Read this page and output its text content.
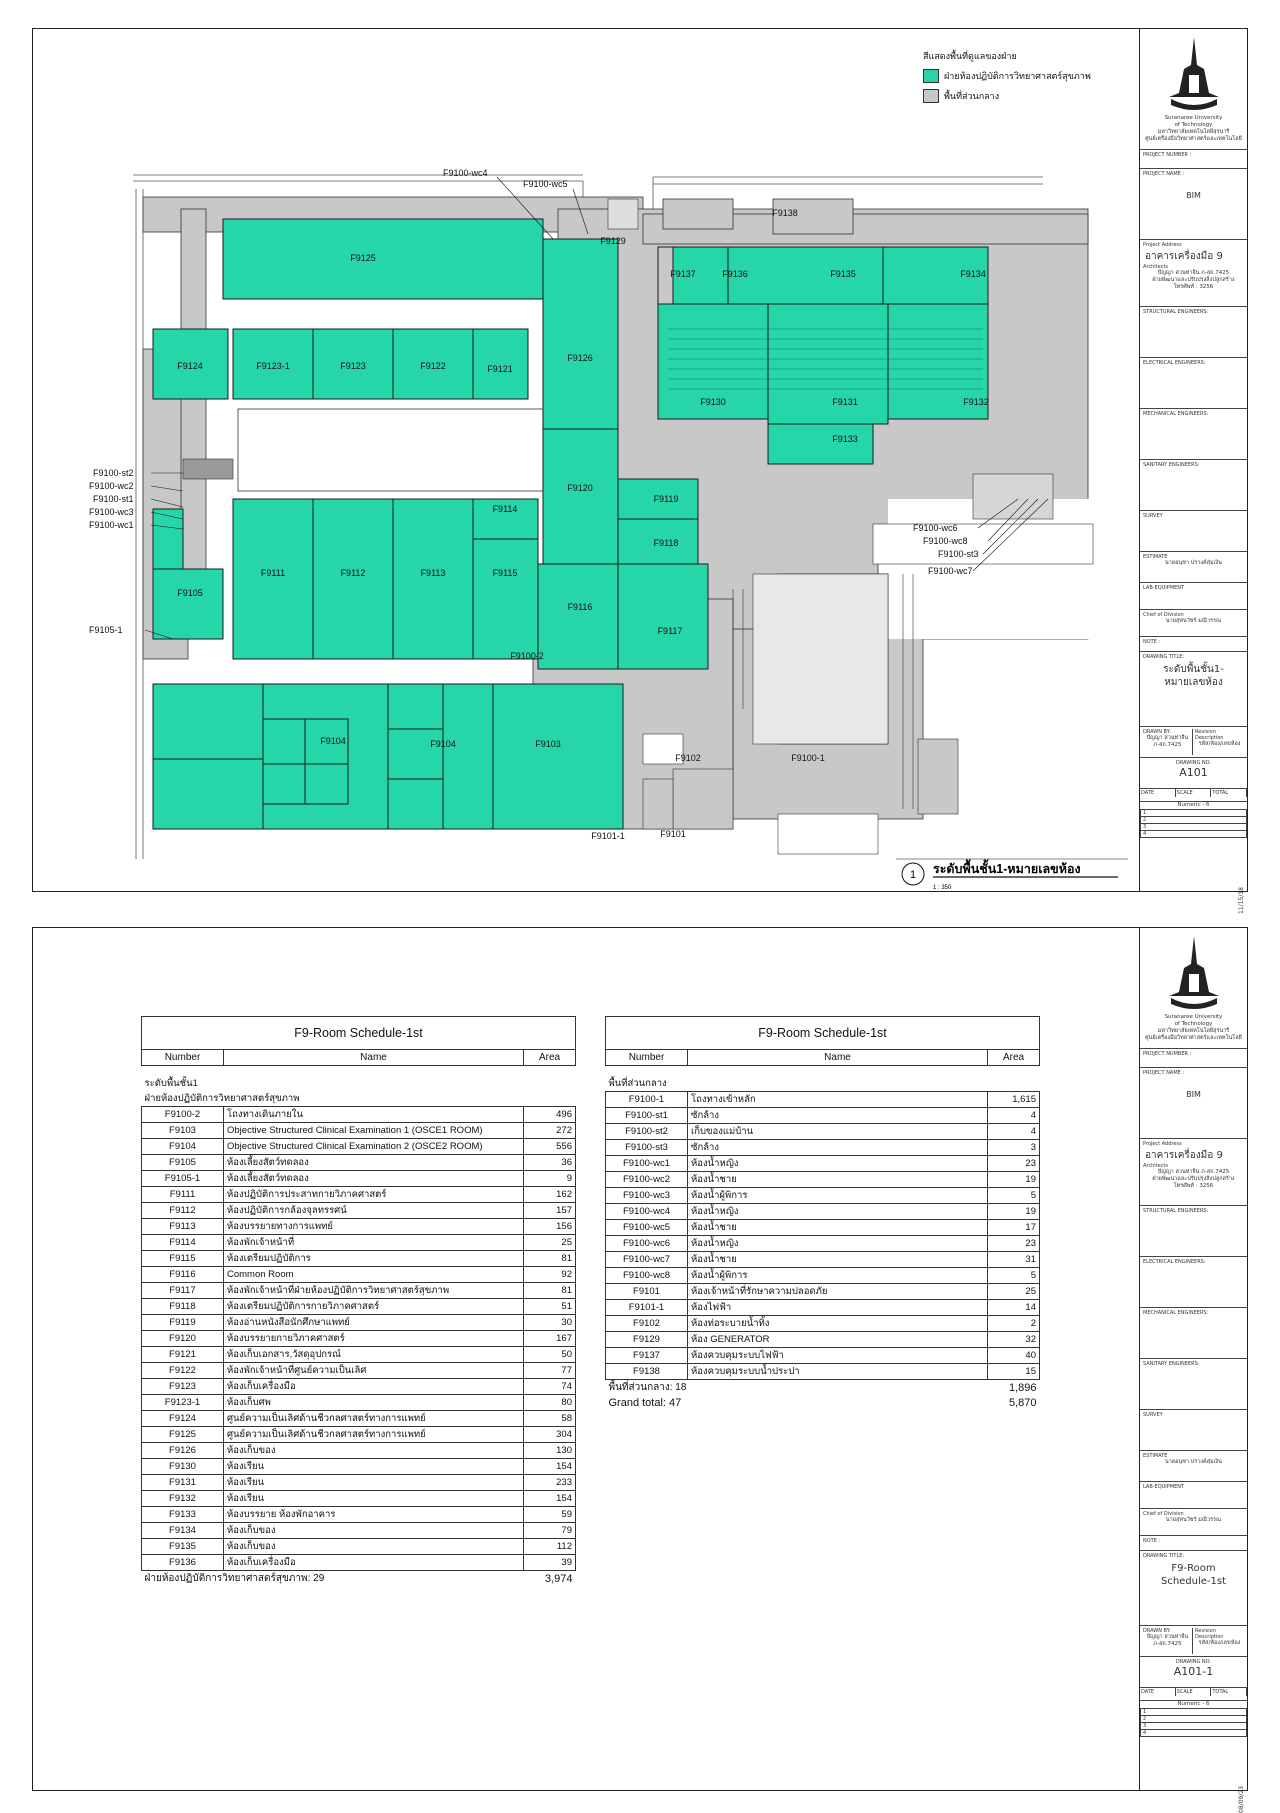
สีแสดงพื้นที่ดูแลของฝ่าย
ฝ่ายห้องปฏิบัติการวิทยาศาสตร์สุขภาพ
พื้นที่ส่วนกลาง
F9125
F9124	F9123-1	F9123	F9122	F9121
F9126
F9129
F9137	F9136	F9135	F9134
F9138
F9130	F9131	F9132
F9133
F9120
F9119
F9118
F9114
F9111	F9112	F9113	F9115
F9116
F9117
F9105
F9100-2
F9104	F9104	F9103
F9102	F9100-1
F9101
F9101-1
F9100-wc4
F9100-wc5
F9100-st2
F9100-wc2
F9100-st1
F9100-wc3
F9100-wc1
F9105-1
F9100-wc6
F9100-wc8
F9100-st3
F9100-wc7
1 ระดับพื้นชั้น1-หมายเลขห้อง
1 : 350
Suranaree University
of Technology
มหาวิทยาลัยเทคโนโลยีสุรนารี
ศูนย์เครื่องมือวิทยาศาสตร์และเทคโนโลยี
PROJECT NUMBER :
PROJECT NAME :
BIM
Project Address
อาคารเครื่องมือ 9
Architects
ปัญญา สวนท่าจีน ภ-สถ.7425
ฝ่ายพัฒนาและปรับปรุงสิ่งปลูกสร้าง
โทรศัพท์ : 3256
STRUCTURAL ENGINEERS:
ELECTRICAL ENGINEERS:
MECHANICAL ENGINEERS:
SANITARY ENGINEERS:
SURVEY
ESTIMATE
นายอนุชา ปรางค์สุ่มเงิน
LAB-EQUIPMENT
Chief of Division
นายสุทนวัชร์ มณีวรรณ
NOTE :
DRAWING TITLE:
ระดับพื้นชั้น1-
หมายเลขห้อง
DRAWN BY:
ปัญญา สวนท่าจีน
ภ-สถ.7425
Revision
Description
รหัส/ห้อง/เลขห้อง
DRAWING NO.
A101
DATE	SCALE	TOTAL
Numeric - 6
1
2
3
4
11/15/18
F9-Room Schedule-1st		
Number	Name	Area

ระดับพื้นชั้น1		
ฝ่ายห้องปฏิบัติการวิทยาศาสตร์สุขภาพ		
F9100-2	โถงทางเดินภายใน	496
F9103	Objective Structured Clinical Examination 1 (OSCE1 ROOM)	272
F9104	Objective Structured Clinical Examination 2 (OSCE2 ROOM)	556
F9105	ห้องเลี้ยงสัตว์ทดลอง	36
F9105-1	ห้องเลี้ยงสัตว์ทดลอง	9
F9111	ห้องปฏิบัติการประสาทกายวิภาคศาสตร์	162
F9112	ห้องปฏิบัติการกล้องจุลทรรศน์	157
F9113	ห้องบรรยายทางการแพทย์	156
F9114	ห้องพักเจ้าหน้าที่	25
F9115	ห้องเตรียมปฏิบัติการ	81
F9116	Common Room	92
F9117	ห้องพักเจ้าหน้าที่ฝ่ายห้องปฏิบัติการวิทยาศาสตร์สุขภาพ	81
F9118	ห้องเตรียมปฏิบัติการกายวิภาคศาสตร์	51
F9119	ห้องอ่านหนังสือนักศึกษาแพทย์	30
F9120	ห้องบรรยายกายวิภาคศาสตร์	167
F9121	ห้องเก็บเอกสาร,วัสดุอุปกรณ์	50
F9122	ห้องพักเจ้าหน้าที่ศูนย์ความเป็นเลิศ	77
F9123	ห้องเก็บเครื่องมือ	74
F9123-1	ห้องเก็บศพ	80
F9124	ศูนย์ความเป็นเลิศด้านชีวกลศาสตร์ทางการแพทย์	58
F9125	ศูนย์ความเป็นเลิศด้านชีวกลศาสตร์ทางการแพทย์	304
F9126	ห้องเก็บของ	130
F9130	ห้องเรียน	154
F9131	ห้องเรียน	233
F9132	ห้องเรียน	154
F9133	ห้องบรรยาย ห้องพักอาคาร	59
F9134	ห้องเก็บของ	79
F9135	ห้องเก็บของ	112
F9136	ห้องเก็บเครื่องมือ	39
ฝ่ายห้องปฏิบัติการวิทยาศาสตร์สุขภาพ: 29		3,974
F9-Room Schedule-1st		
Number	Name	Area

พื้นที่ส่วนกลาง		
F9100-1	โถงทางเข้าหลัก	1,615
F9100-st1	ซักล้าง	4
F9100-st2	เก็บของแม่บ้าน	4
F9100-st3	ซักล้าง	3
F9100-wc1	ห้องน้ำหญิง	23
F9100-wc2	ห้องน้ำชาย	19
F9100-wc3	ห้องน้ำผู้พิการ	5
F9100-wc4	ห้องน้ำหญิง	19
F9100-wc5	ห้องน้ำชาย	17
F9100-wc6	ห้องน้ำหญิง	23
F9100-wc7	ห้องน้ำชาย	31
F9100-wc8	ห้องน้ำผู้พิการ	5
F9101	ห้องเจ้าหน้าที่รักษาความปลอดภัย	25
F9101-1	ห้องไฟฟ้า	14
F9102	ห้องท่อระบายน้ำทิ้ง	2
F9129	ห้อง GENERATOR	32
F9137	ห้องควบคุมระบบไฟฟ้า	40
F9138	ห้องควบคุมระบบน้ำประปา	15
พื้นที่ส่วนกลาง: 18		1,896
Grand total: 47		5,870
Suranaree University
of Technology
มหาวิทยาลัยเทคโนโลยีสุรนารี
ศูนย์เครื่องมือวิทยาศาสตร์และเทคโนโลยี
PROJECT NUMBER :
PROJECT NAME :
BIM
Project Address
อาคารเครื่องมือ 9
Architects
ปัญญา สวนท่าจีน ภ-สถ.7425
ฝ่ายพัฒนาและปรับปรุงสิ่งปลูกสร้าง
โทรศัพท์ : 3256
STRUCTURAL ENGINEERS:
ELECTRICAL ENGINEERS:
MECHANICAL ENGINEERS:
SANITARY ENGINEERS:
SURVEY
ESTIMATE
นายอนุชา ปรางค์สุ่มเงิน
LAB-EQUIPMENT
Chief of Division
นายสุทนวัชร์ มณีวรรณ
NOTE :
DRAWING TITLE:
F9-Room
Schedule-1st
DRAWN BY:
ปัญญา สวนท่าจีน
ภ-สถ.7425
Revision
Description
รหัส/ห้อง/เลขห้อง
DRAWING NO.
A101-1
DATE	SCALE	TOTAL
Numeric - 6
1
2
3
4
08/09/23
